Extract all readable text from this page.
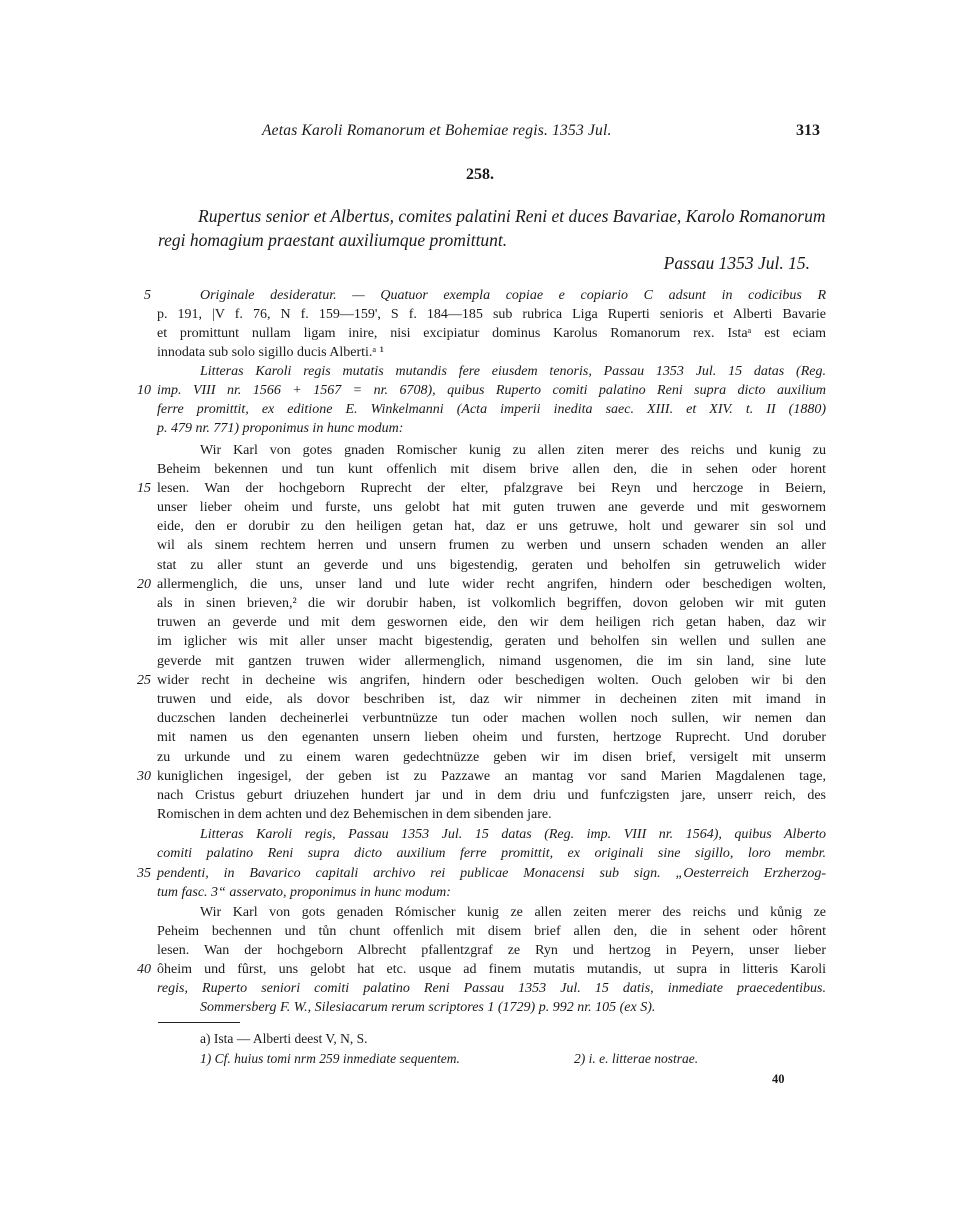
Aetas Karoli Romanorum et Bohemiae regis. 1353 Jul.	313
258.
Rupertus senior et Albertus, comites palatini Reni et duces Bavariae, Karolo Romanorum regi homagium praestant auxiliumque promittunt.
Passau 1353 Jul. 15.
5
10
15
20
25
30
35
40
Originale desideratur. — Quatuor exempla copiae e copiario C adsunt in codicibus R
p. 191, |V f. 76, N f. 159—159', S f. 184—185 sub rubrica Liga Ruperti senioris et Alberti Bavarie
et promittunt nullam ligam inire, nisi excipiatur dominus Karolus Romanorum rex. Istaᵃ est eciam
innodata sub solo sigillo ducis Alberti.ᵃ ¹
Litteras Karoli regis mutatis mutandis fere eiusdem tenoris, Passau 1353 Jul. 15 datas (Reg.
imp. VIII nr. 1566 + 1567 = nr. 6708), quibus Ruperto comiti palatino Reni supra dicto auxilium
ferre promittit, ex editione E. Winkelmanni (Acta imperii inedita saec. XIII. et XIV. t. II (1880)
p. 479 nr. 771) proponimus in hunc modum:
Wir Karl von gotes gnaden Romischer kunig zu allen ziten merer des reichs und kunig zu
Beheim bekennen und tun kunt offenlich mit disem brive allen den, die in sehen oder horent
lesen. Wan der hochgeborn Ruprecht der elter, pfalzgrave bei Reyn und herczoge in Beiern,
unser lieber oheim und furste, uns gelobt hat mit guten truwen ane geverde und mit geswornem
eide, den er dorubir zu den heiligen getan hat, daz er uns getruwe, holt und gewarer sin sol und
wil als sinem rechtem herren und unsern frumen zu werben und unsern schaden wenden an aller
stat zu aller stunt an geverde und uns bigestendig, geraten und beholfen sin getruwelich wider
allermenglich, die uns, unser land und lute wider recht angrifen, hindern oder beschedigen wolten,
als in sinen brieven,² die wir dorubir haben, ist volkomlich begriffen, dovon geloben wir mit guten
truwen an geverde und mit dem geswornen eide, den wir dem heiligen rich getan haben, daz wir
im iglicher wis mit aller unser macht bigestendig, geraten und beholfen sin wellen und sullen ane
geverde mit gantzen truwen wider allermenglich, nimand usgenomen, die im sin land, sine lute
wider recht in decheine wis angrifen, hindern oder beschedigen wolten. Ouch geloben wir bi den
truwen und eide, als dovor beschriben ist, daz wir nimmer in decheinen ziten mit imand in
duczschen landen decheinerlei verbuntnüzze tun oder machen wollen noch sullen, wir nemen dan
mit namen us den egenanten unsern lieben oheim und fursten, hertzoge Ruprecht. Und doruber
zu urkunde und zu einem waren gedechtnüzze geben wir im disen brief, versigelt mit unserm
kuniglichen ingesigel, der geben ist zu Pazzawe an mantag vor sand Marien Magdalenen tage,
nach Cristus geburt driuzehen hundert jar und in dem driu und funfczigsten jare, unserr reich, des
Romischen in dem achten und dez Behemischen in dem sibenden jare.
Litteras Karoli regis, Passau 1353 Jul. 15 datas (Reg. imp. VIII nr. 1564), quibus Alberto
comiti palatino Reni supra dicto auxilium ferre promittit, ex originali sine sigillo, loro membr.
pendenti, in Bavarico capitali archivo rei publicae Monacensi sub sign. „Oesterreich Erzherzog-
tum fasc. 3“ asservato, proponimus in hunc modum:
Wir Karl von gots genaden Rómischer kunig ze allen zeiten merer des reichs und kůnig ze
Peheim bechennen und tůn chunt offenlich mit disem brief allen den, die in sehent oder hôrent
lesen. Wan der hochgeborn Albrecht pfallentzgraf ze Ryn und hertzog in Peyern, unser lieber
ôheim und fûrst, uns gelobt hat etc. usque ad finem mutatis mutandis, ut supra in litteris Karoli
regis, Ruperto seniori comiti palatino Reni Passau 1353 Jul. 15 datis, inmediate praecedentibus.
Sommersberg F. W., Silesiacarum rerum scriptores 1 (1729) p. 992 nr. 105 (ex S).
a) Ista — Alberti deest V, N, S.
1) Cf. huius tomi nrm 259 inmediate sequentem.	2) i. e. litterae nostrae.
40
